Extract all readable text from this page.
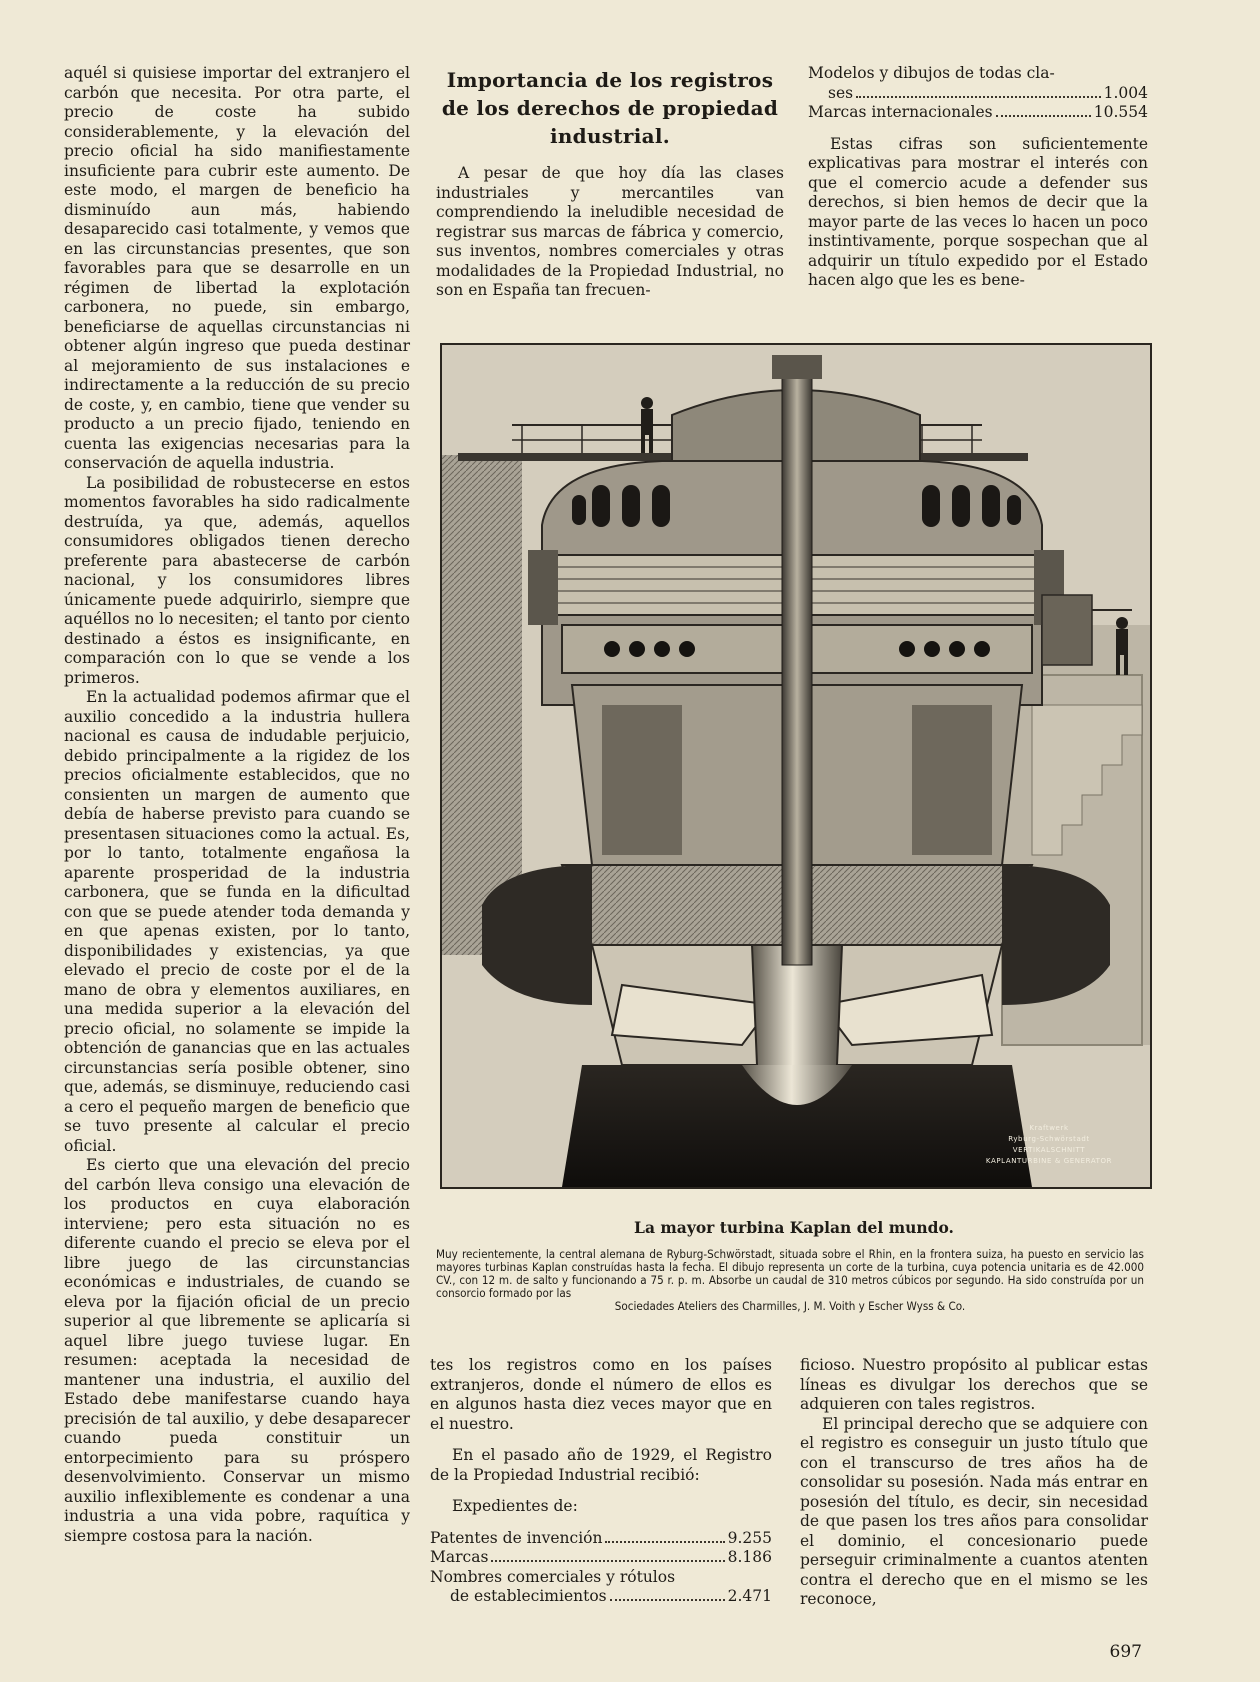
aquél si quisiese importar del extranjero el carbón que necesita. Por otra parte, el precio de coste ha subido considerablemente, y la elevación del precio oficial ha sido manifiestamente insuficiente para cubrir este aumento. De este modo, el margen de beneficio ha disminuído aun más, habiendo desaparecido casi totalmente, y vemos que en las circunstancias presentes, que son favorables para que se desarrolle en un régimen de libertad la explotación carbonera, no puede, sin embargo, beneficiarse de aquellas circunstancias ni obtener algún ingreso que pueda destinar al mejoramiento de sus instalaciones e indirectamente a la reducción de su precio de coste, y, en cambio, tiene que vender su producto a un precio fijado, teniendo en cuenta las exigencias necesarias para la conservación de aquella industria.

La posibilidad de robustecerse en estos momentos favorables ha sido radicalmente destruída, ya que, además, aquellos consumidores obligados tienen derecho preferente para abastecerse de carbón nacional, y los consumidores libres únicamente puede adquirirlo, siempre que aquéllos no lo necesiten; el tanto por ciento destinado a éstos es insignificante, en comparación con lo que se vende a los primeros.

En la actualidad podemos afirmar que el auxilio concedido a la industria hullera nacional es causa de indudable perjuicio, debido principalmente a la rigidez de los precios oficialmente establecidos, que no consienten un margen de aumento que debía de haberse previsto para cuando se presentasen situaciones como la actual. Es, por lo tanto, totalmente engañosa la aparente prosperidad de la industria carbonera, que se funda en la dificultad con que se puede atender toda demanda y en que apenas existen, por lo tanto, disponibilidades y existencias, ya que elevado el precio de coste por el de la mano de obra y elementos auxiliares, en una medida superior a la elevación del precio oficial, no solamente se impide la obtención de ganancias que en las actuales circunstancias sería posible obtener, sino que, además, se disminuye, reduciendo casi a cero el pequeño margen de beneficio que se tuvo presente al calcular el precio oficial.

Es cierto que una elevación del precio del carbón lleva consigo una elevación de los productos en cuya elaboración interviene; pero esta situación no es diferente cuando el precio se eleva por el libre juego de las circunstancias económicas e industriales, de cuando se eleva por la fijación oficial de un precio superior al que libremente se aplicaría si aquel libre juego tuviese lugar. En resumen: aceptada la necesidad de mantener una industria, el auxilio del Estado debe manifestarse cuando haya precisión de tal auxilio, y debe desaparecer cuando pueda constituir un entorpecimiento para su próspero desenvolvimiento. Conservar un mismo auxilio inflexiblemente es condenar a una industria a una vida pobre, raquítica y siempre costosa para la nación.

Importancia de los registros de los derechos de propiedad industrial.

A pesar de que hoy día las clases industriales y mercantiles van comprendiendo la ineludible necesidad de registrar sus marcas de fábrica y comercio, sus inventos, nombres comerciales y otras modalidades de la Propiedad Industrial, no son en España tan frecuen-

Modelos y dibujos de todas cla-
ses	1.004
Marcas internacionales	10.554

Estas cifras son suficientemente explicativas para mostrar el interés con que el comercio acude a defender sus derechos, si bien hemos de decir que la mayor parte de las veces lo hacen un poco instintivamente, porque sospechan que al adquirir un título expedido por el Estado hacen algo que les es bene-

Kraftwerk
Ryburg-Schwörstadt
VERTIKALSCHNITT
KAPLANTURBINE & GENERATOR
La mayor turbina Kaplan del mundo.
Muy recientemente, la central alemana de Ryburg-Schwörstadt, situada sobre el Rhin, en la frontera suiza, ha puesto en servicio las mayores turbinas Kaplan construídas hasta la fecha. El dibujo representa un corte de la turbina, cuya potencia unitaria es de 42.000 CV., con 12 m. de salto y funcionando a 75 r. p. m. Absorbe un caudal de 310 metros cúbicos por segundo. Ha sido construída por un consorcio formado por las
Sociedades Ateliers des Charmilles, J. M. Voith y Escher Wyss & Co.

tes los registros como en los países extranjeros, donde el número de ellos es en algunos hasta diez veces mayor que en el nuestro.

En el pasado año de 1929, el Registro de la Propiedad Industrial recibió:

Expedientes de:

Patentes de invención	9.255
Marcas	8.186
Nombres comerciales y rótulos
de establecimientos	2.471

ficioso. Nuestro propósito al publicar estas líneas es divulgar los derechos que se adquieren con tales registros.

El principal derecho que se adquiere con el registro es conseguir un justo título que con el transcurso de tres años ha de consolidar su posesión. Nada más entrar en posesión del título, es decir, sin necesidad de que pasen los tres años para consolidar el dominio, el concesionario puede perseguir criminalmente a cuantos atenten contra el derecho que en el mismo se les reconoce,

697
